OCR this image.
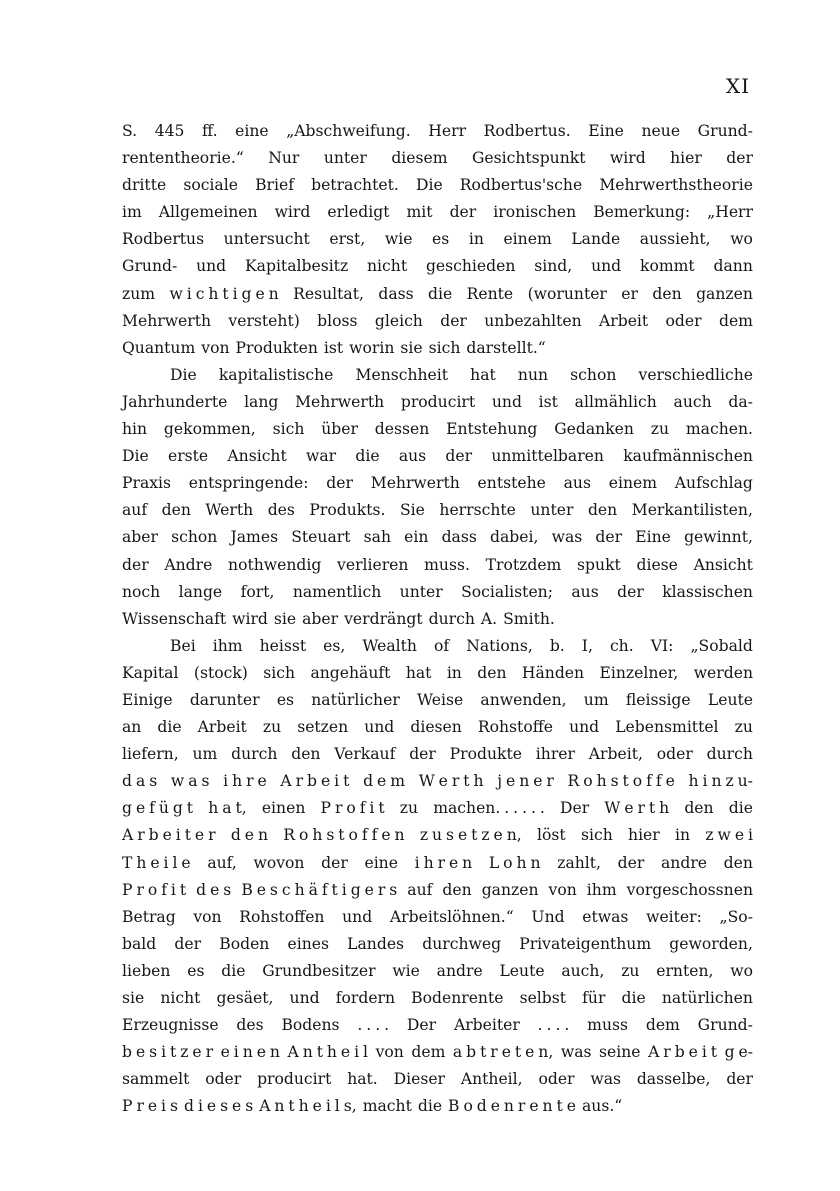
XI
S. 445 ff. eine „Abschweifung. Herr Rodbertus. Eine neue Grund-
rententheorie.“ Nur unter diesem Gesichtspunkt wird hier der
dritte sociale Brief betrachtet. Die Rodbertus'sche Mehrwerthstheorie
im Allgemeinen wird erledigt mit der ironischen Bemerkung: „Herr
Rodbertus untersucht erst, wie es in einem Lande aussieht, wo
Grund- und Kapitalbesitz nicht geschieden sind, und kommt dann
zum w i c h t i g e n Resultat, dass die Rente (worunter er den ganzen
Mehrwerth versteht) bloss gleich der unbezahlten Arbeit oder dem
Quantum von Produkten ist worin sie sich darstellt.“
Die kapitalistische Menschheit hat nun schon verschiedliche
Jahrhunderte lang Mehrwerth producirt und ist allmählich auch da-
hin gekommen, sich über dessen Entstehung Gedanken zu machen.
Die erste Ansicht war die aus der unmittelbaren kaufmännischen
Praxis entspringende: der Mehrwerth entstehe aus einem Aufschlag
auf den Werth des Produkts. Sie herrschte unter den Merkantilisten,
aber schon James Steuart sah ein dass dabei, was der Eine gewinnt,
der Andre nothwendig verlieren muss. Trotzdem spukt diese Ansicht
noch lange fort, namentlich unter Socialisten; aus der klassischen
Wissenschaft wird sie aber verdrängt durch A. Smith.
Bei ihm heisst es, Wealth of Nations, b. I, ch. VI: „Sobald
Kapital (stock) sich angehäuft hat in den Händen Einzelner, werden
Einige darunter es natürlicher Weise anwenden, um fleissige Leute
an die Arbeit zu setzen und diesen Rohstoffe und Lebensmittel zu
liefern, um durch den Verkauf der Produkte ihrer Arbeit, oder durch
d a s w a s i h r e A r b e i t d e m W e r t h j e n e r R o h s t o f f e h i n z u-
g e f ü g t h a t, einen P r o f i t zu machen. . . . . . Der W e r t h den die
A r b e i t e r d e n R o h s t o f f e n z u s e t z e n, löst sich hier in z w e i
T h e i l e auf, wovon der eine i h r e n L o h n zahlt, der andre den
P r o f i t d e s B e s c h ä f t i g e r s auf den ganzen von ihm vorgeschossnen
Betrag von Rohstoffen und Arbeitslöhnen.“ Und etwas weiter: „So-
bald der Boden eines Landes durchweg Privateigenthum geworden,
lieben es die Grundbesitzer wie andre Leute auch, zu ernten, wo
sie nicht gesäet, und fordern Bodenrente selbst für die natürlichen
Erzeugnisse des Bodens . . . . Der Arbeiter . . . . muss dem Grund-
b e s i t z e r e i n e n A n t h e i l von dem a b t r e t e n, was seine A r b e i t g e-
sammelt oder producirt hat. Dieser Antheil, oder was dasselbe, der
P r e i s d i e s e s A n t h e i l s, macht die B o d e n r e n t e aus.“
